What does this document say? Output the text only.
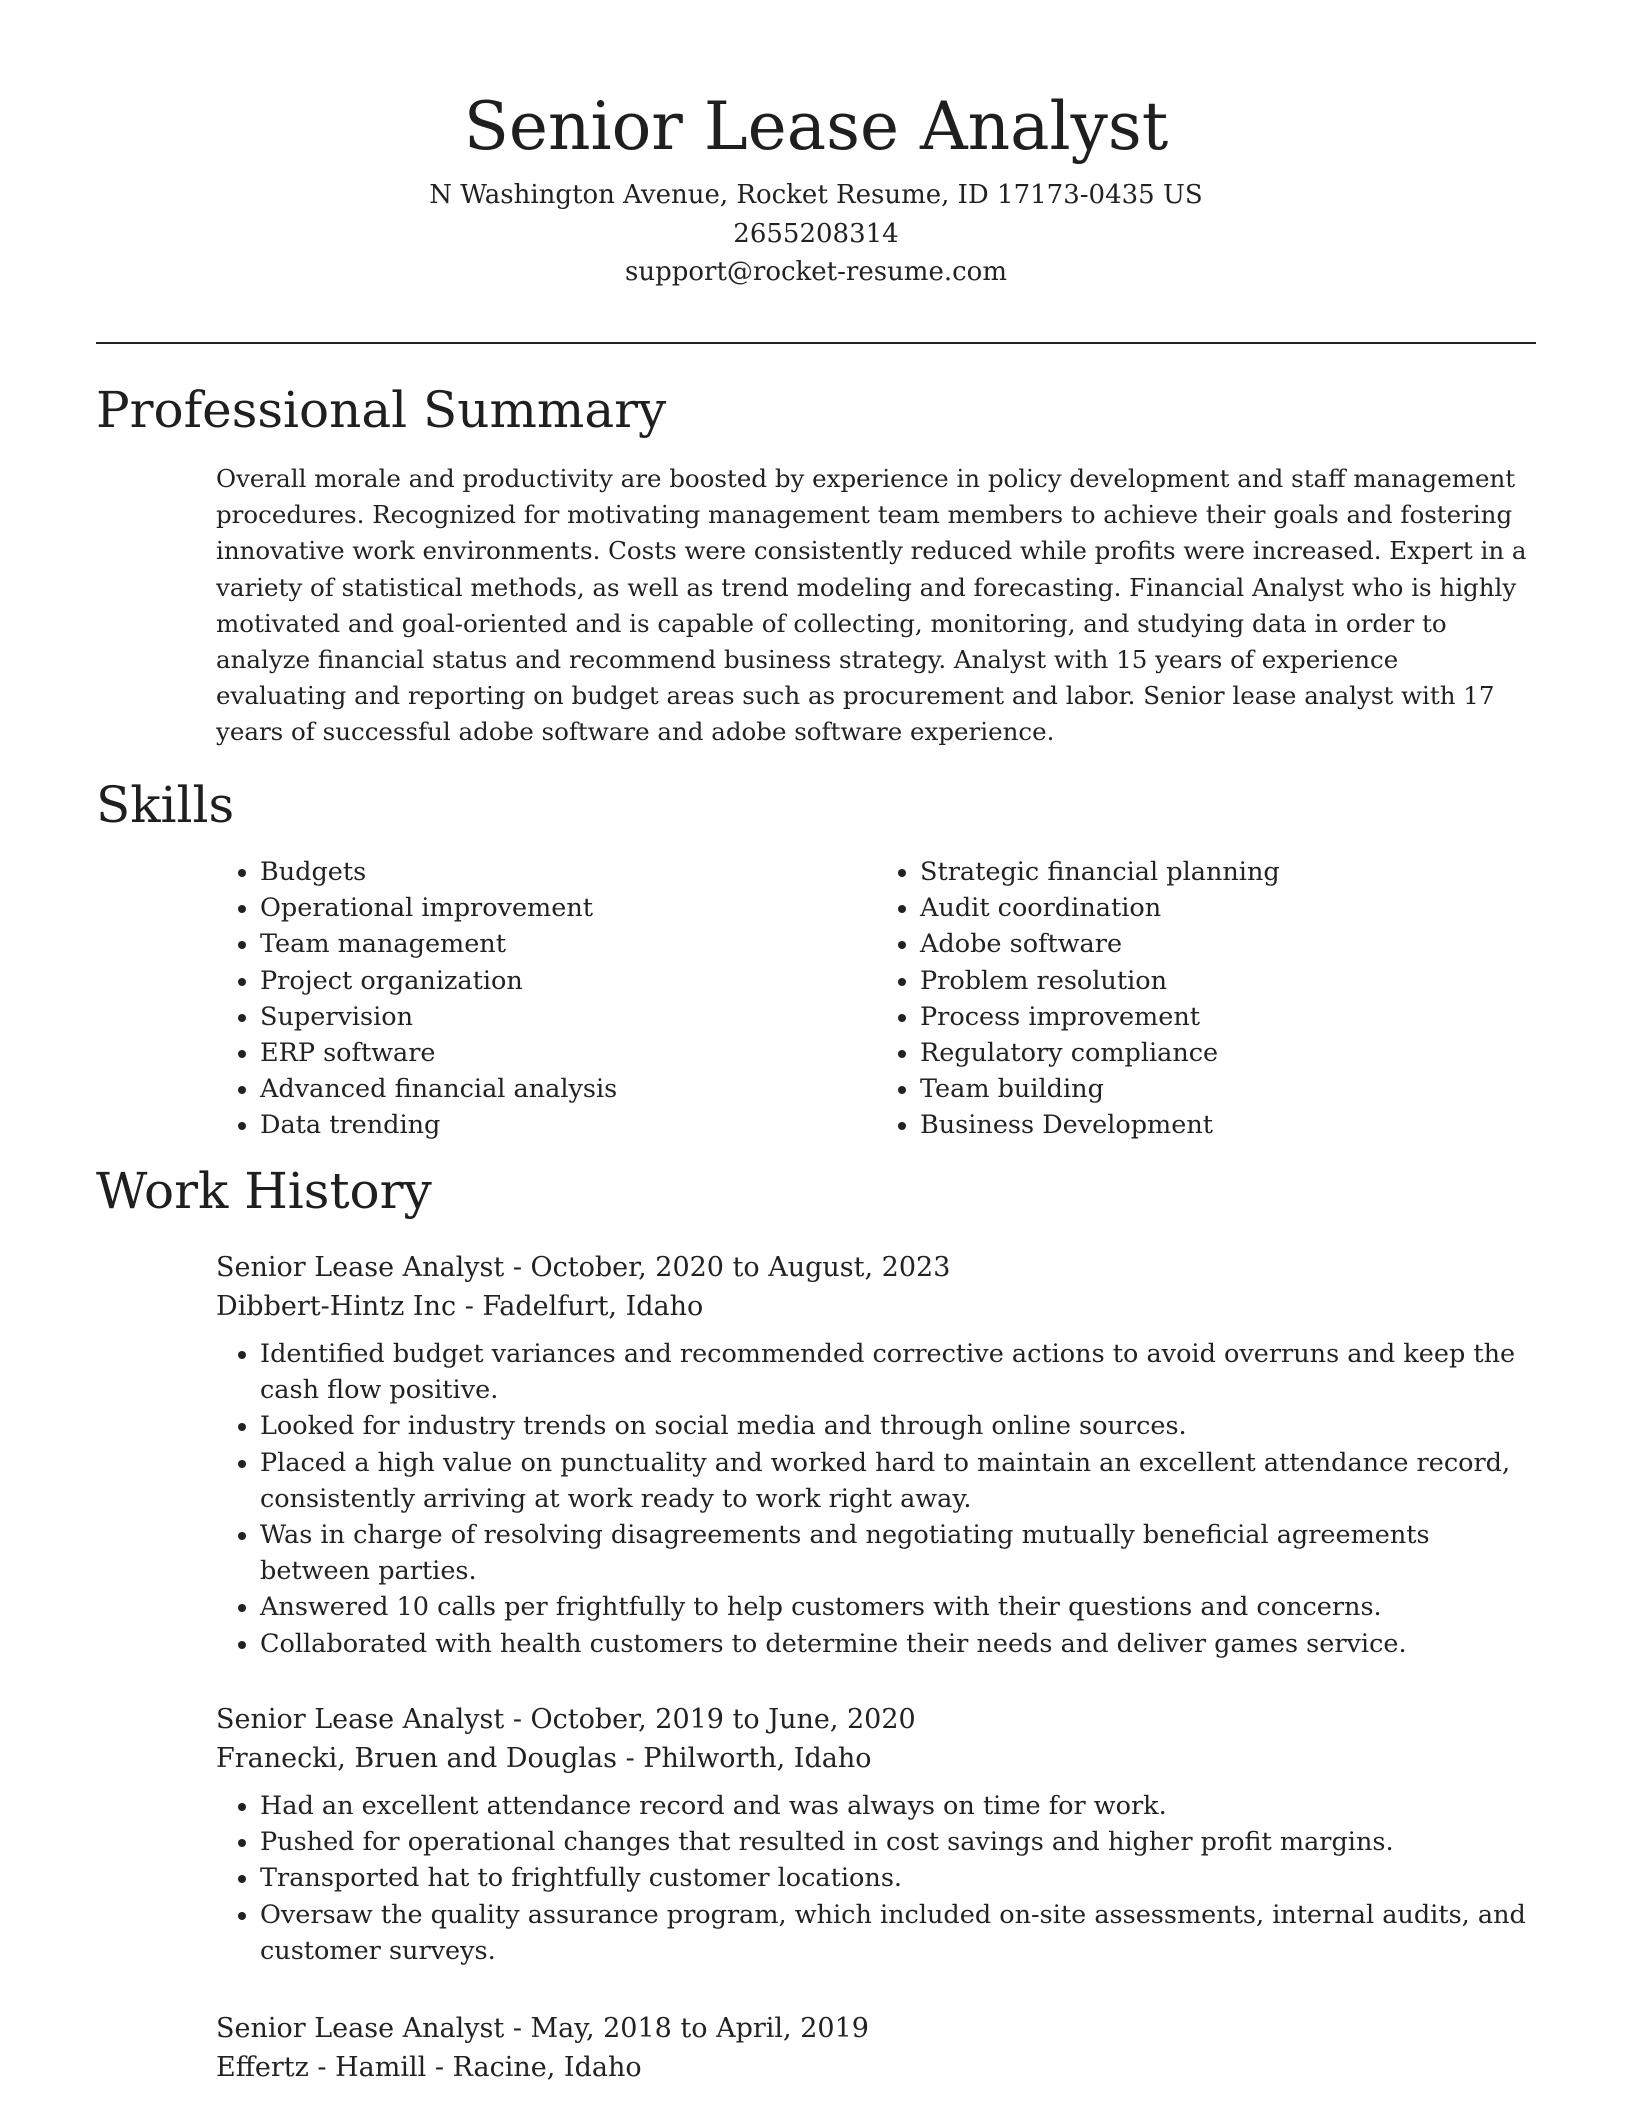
Senior Lease Analyst
N Washington Avenue, Rocket Resume, ID 17173-0435 US
2655208314
support@rocket-resume.com
Professional Summary

Overall morale and productivity are boosted by experience in policy development and staff management procedures. Recognized for motivating management team members to achieve their goals and fostering innovative work environments. Costs were consistently reduced while profits were increased. Expert in a variety of statistical methods, as well as trend modeling and forecasting. Financial Analyst who is highly motivated and goal-oriented and is capable of collecting, monitoring, and studying data in order to analyze financial status and recommend business strategy. Analyst with 15 years of experience evaluating and reporting on budget areas such as procurement and labor. Senior lease analyst with 17 years of successful adobe software and adobe software experience.

Skills
• Budgets
• Operational improvement
• Team management
• Project organization
• Supervision
• ERP software
• Advanced financial analysis
• Data trending
• Strategic financial planning
• Audit coordination
• Adobe software
• Problem resolution
• Process improvement
• Regulatory compliance
• Team building
• Business Development
Work History
Senior Lease Analyst - October, 2020 to August, 2023
Dibbert-Hintz Inc - Fadelfurt, Idaho
• Identified budget variances and recommended corrective actions to avoid overruns and keep the cash flow positive.
• Looked for industry trends on social media and through online sources.
• Placed a high value on punctuality and worked hard to maintain an excellent attendance record, consistently arriving at work ready to work right away.
• Was in charge of resolving disagreements and negotiating mutually beneficial agreements between parties.
• Answered 10 calls per frightfully to help customers with their questions and concerns.
• Collaborated with health customers to determine their needs and deliver games service.
Senior Lease Analyst - October, 2019 to June, 2020
Franecki, Bruen and Douglas - Philworth, Idaho
• Had an excellent attendance record and was always on time for work.
• Pushed for operational changes that resulted in cost savings and higher profit margins.
• Transported hat to frightfully customer locations.
• Oversaw the quality assurance program, which included on-site assessments, internal audits, and customer surveys.
Senior Lease Analyst - May, 2018 to April, 2019
Effertz - Hamill - Racine, Idaho
